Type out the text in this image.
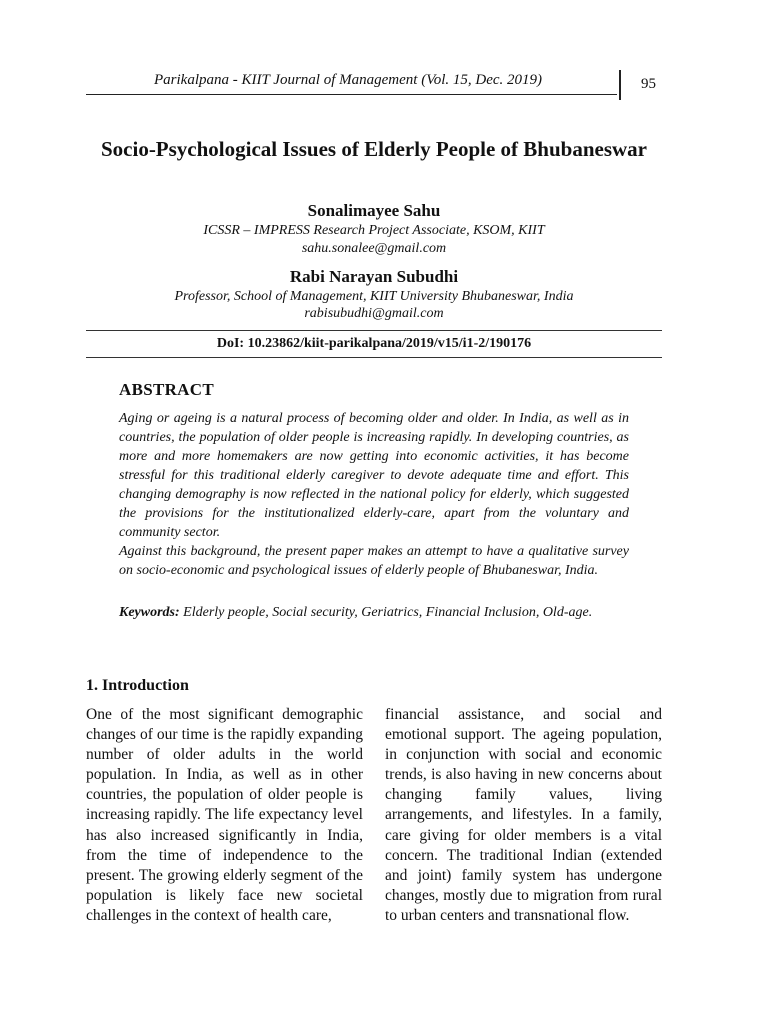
Parikalpana - KIIT Journal of Management (Vol. 15, Dec. 2019)	95
Socio-Psychological Issues of Elderly People of Bhubaneswar
Sonalimayee Sahu
ICSSR – IMPRESS Research Project Associate, KSOM, KIIT
sahu.sonalee@gmail.com
Rabi Narayan Subudhi
Professor, School of Management, KIIT University Bhubaneswar, India
rabisubudhi@gmail.com
DoI: 10.23862/kiit-parikalpana/2019/v15/i1-2/190176
ABSTRACT
Aging or ageing is a natural process of becoming older and older. In India, as well as in countries, the population of older people is increasing rapidly. In developing countries, as more and more homemakers are now getting into economic activities, it has become stressful for this traditional elderly caregiver to devote adequate time and effort. This changing demography is now reflected in the national policy for elderly, which suggested the provisions for the institutionalized elderly-care, apart from the voluntary and community sector.
Against this background, the present paper makes an attempt to have a qualitative survey on socio-economic and psychological issues of elderly people of Bhubaneswar, India.
Keywords: Elderly people, Social security, Geriatrics, Financial Inclusion, Old-age.
1. Introduction
One of the most significant demographic changes of our time is the rapidly expanding number of older adults in the world population. In India, as well as in other countries, the population of older people is increasing rapidly. The life expectancy level has also increased significantly in India, from the time of independence to the present. The growing elderly segment of the population is likely face new societal challenges in the context of health care,
financial assistance, and social and emotional support. The ageing population, in conjunction with social and economic trends, is also having in new concerns about changing family values, living arrangements, and lifestyles. In a family, care giving for older members is a vital concern. The traditional Indian (extended and joint) family system has undergone changes, mostly due to migration from rural to urban centers and transnational flow.
